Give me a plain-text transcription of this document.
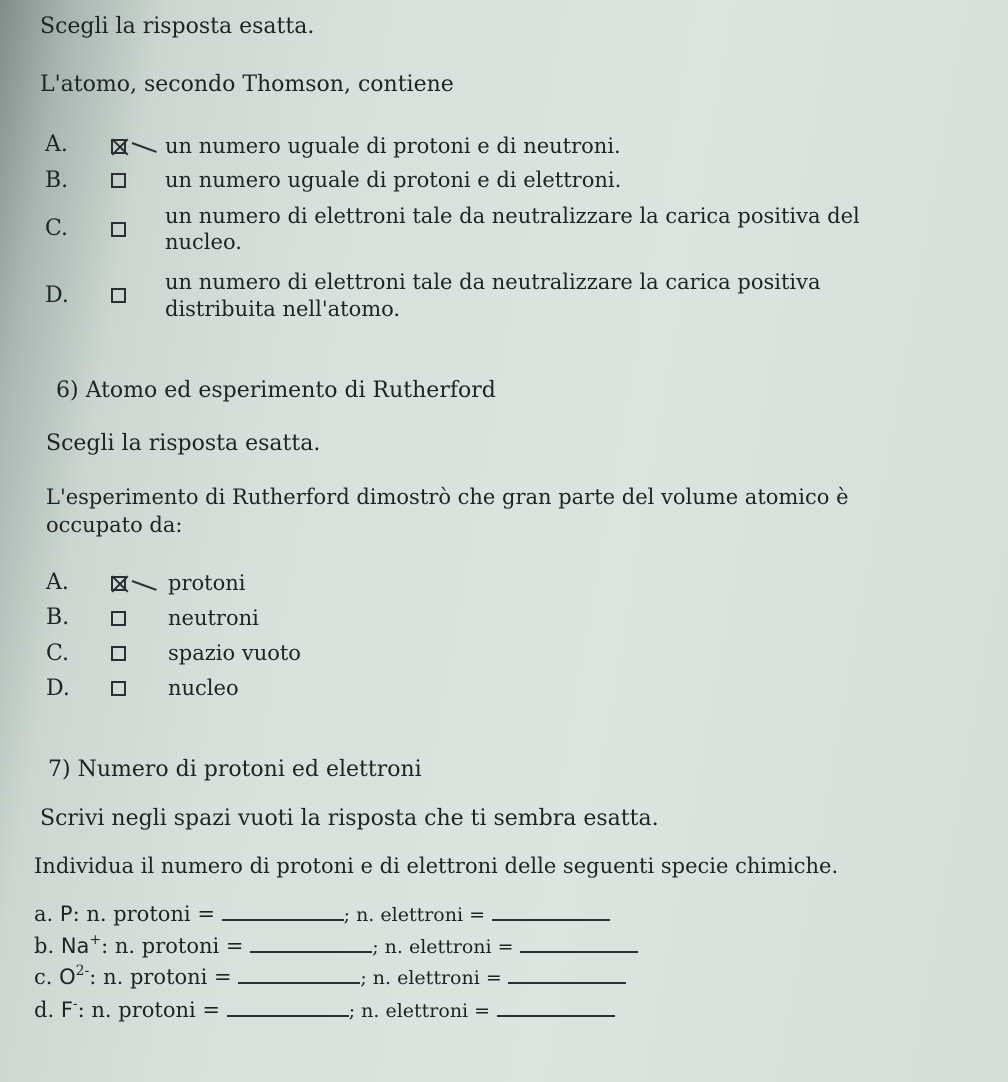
Scegli la risposta esatta.
L'atomo, secondo Thomson, contiene
A.	un numero uguale di protoni e di neutroni.
B.	un numero uguale di protoni e di elettroni.
C.	un numero di elettroni tale da neutralizzare la carica positiva del
nucleo.
D.
un numero di elettroni tale da neutralizzare la carica positiva
distribuita nell'atomo.
6) Atomo ed esperimento di Rutherford
Scegli la risposta esatta.
L'esperimento di Rutherford dimostrò che gran parte del volume atomico è
occupato da:
A.	protoni
B.	neutroni
C.	spazio vuoto
D.	nucleo
7) Numero di protoni ed elettroni
Scrivi negli spazi vuoti la risposta che ti sembra esatta.
Individua il numero di protoni e di elettroni delle seguenti specie chimiche.
a. P: n. protoni =	; n. elettroni =
b. Na+: n. protoni =	; n. elettroni =
c. $O^{2-}$: n. protoni =	; n. elettroni =
d. F-: n. protoni =	; n. elettroni =
